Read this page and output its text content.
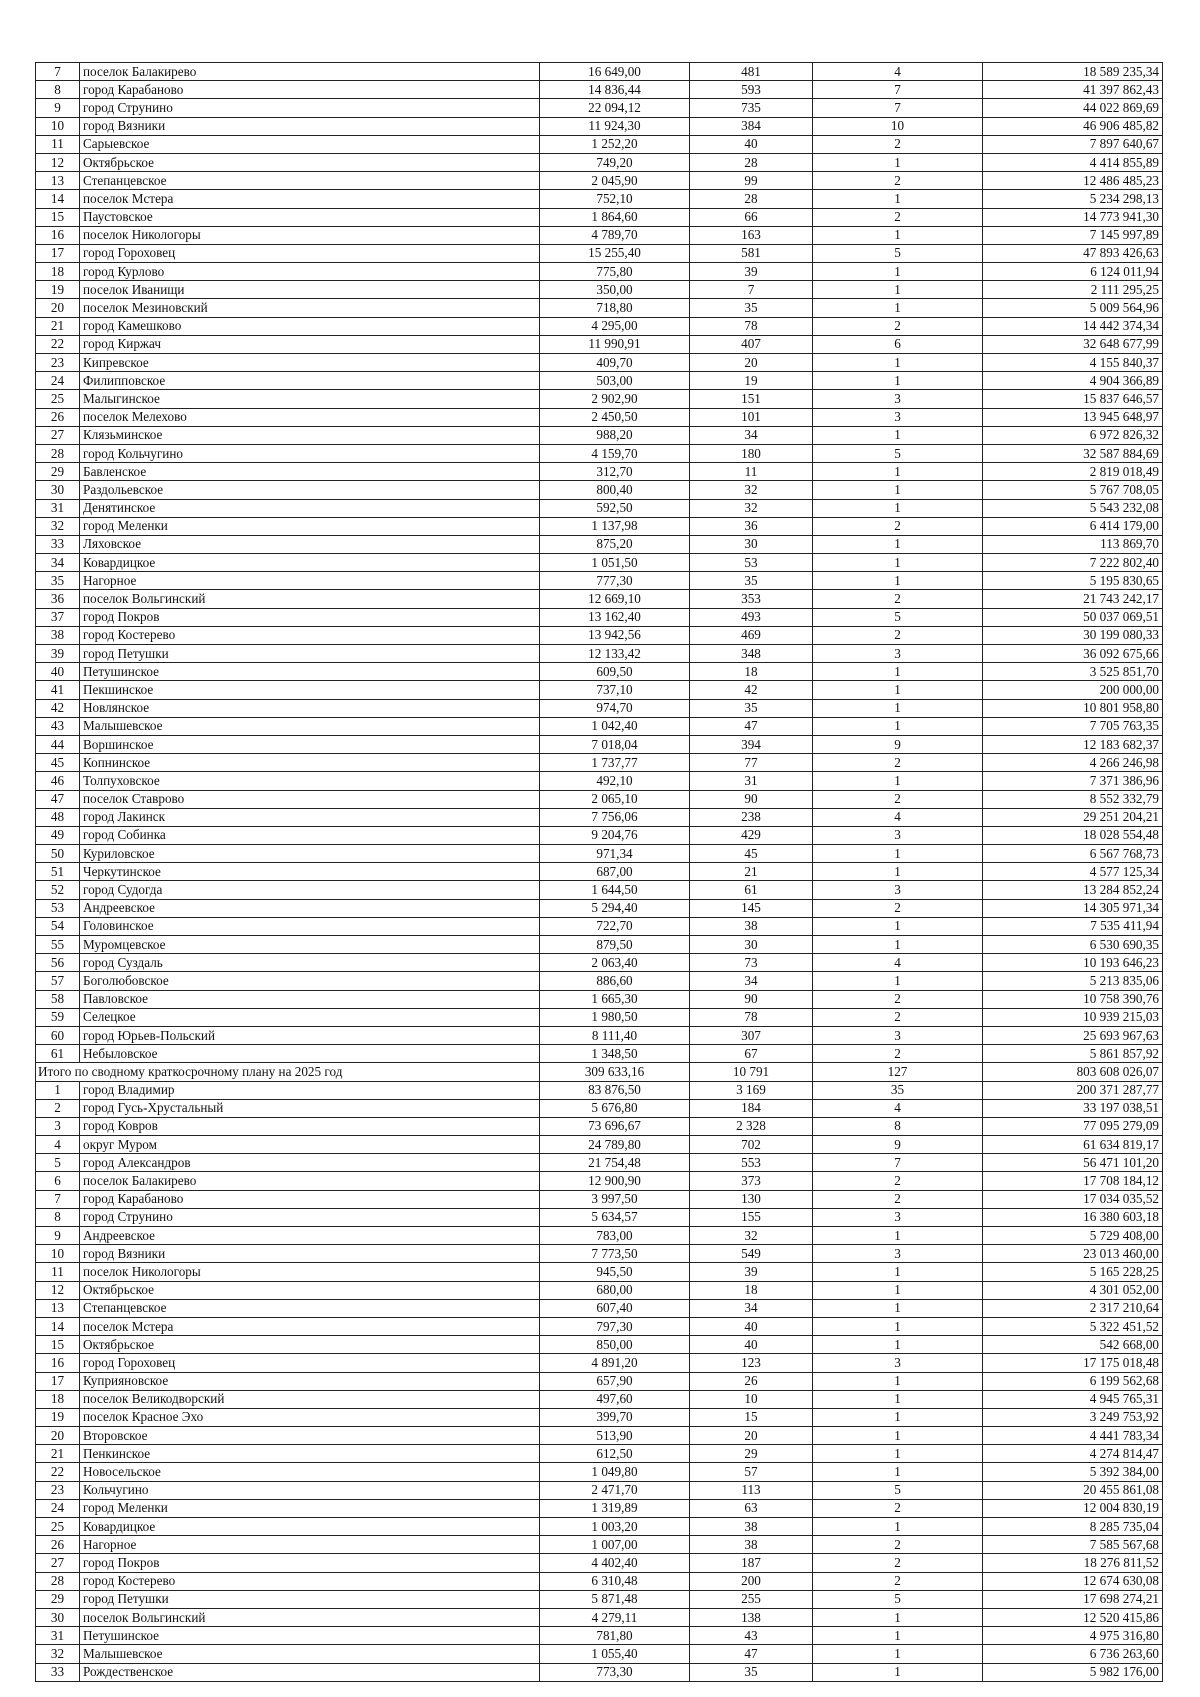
7	поселок Балакирево	16 649,00	481	4	18 589 235,34
8	город Карабаново	14 836,44	593	7	41 397 862,43
9	город Струнино	22 094,12	735	7	44 022 869,69
10	город Вязники	11 924,30	384	10	46 906 485,82
11	Сарыевское	1 252,20	40	2	7 897 640,67
12	Октябрьское	749,20	28	1	4 414 855,89
13	Степанцевское	2 045,90	99	2	12 486 485,23
14	поселок Мстера	752,10	28	1	5 234 298,13
15	Паустовское	1 864,60	66	2	14 773 941,30
16	поселок Никологоры	4 789,70	163	1	7 145 997,89
17	город Гороховец	15 255,40	581	5	47 893 426,63
18	город Курлово	775,80	39	1	6 124 011,94
19	поселок Иванищи	350,00	7	1	2 111 295,25
20	поселок Мезиновский	718,80	35	1	5 009 564,96
21	город Камешково	4 295,00	78	2	14 442 374,34
22	город Киржач	11 990,91	407	6	32 648 677,99
23	Кипревское	409,70	20	1	4 155 840,37
24	Филипповское	503,00	19	1	4 904 366,89
25	Малыгинское	2 902,90	151	3	15 837 646,57
26	поселок Мелехово	2 450,50	101	3	13 945 648,97
27	Клязьминское	988,20	34	1	6 972 826,32
28	город Кольчугино	4 159,70	180	5	32 587 884,69
29	Бавленское	312,70	11	1	2 819 018,49
30	Раздольевское	800,40	32	1	5 767 708,05
31	Денятинское	592,50	32	1	5 543 232,08
32	город Меленки	1 137,98	36	2	6 414 179,00
33	Ляховское	875,20	30	1	113 869,70
34	Ковардицкое	1 051,50	53	1	7 222 802,40
35	Нагорное	777,30	35	1	5 195 830,65
36	поселок Вольгинский	12 669,10	353	2	21 743 242,17
37	город Покров	13 162,40	493	5	50 037 069,51
38	город Костерево	13 942,56	469	2	30 199 080,33
39	город Петушки	12 133,42	348	3	36 092 675,66
40	Петушинское	609,50	18	1	3 525 851,70
41	Пекшинское	737,10	42	1	200 000,00
42	Новлянское	974,70	35	1	10 801 958,80
43	Малышевское	1 042,40	47	1	7 705 763,35
44	Воршинское	7 018,04	394	9	12 183 682,37
45	Копнинское	1 737,77	77	2	4 266 246,98
46	Толпуховское	492,10	31	1	7 371 386,96
47	поселок Ставрово	2 065,10	90	2	8 552 332,79
48	город Лакинск	7 756,06	238	4	29 251 204,21
49	город Собинка	9 204,76	429	3	18 028 554,48
50	Куриловское	971,34	45	1	6 567 768,73
51	Черкутинское	687,00	21	1	4 577 125,34
52	город Судогда	1 644,50	61	3	13 284 852,24
53	Андреевское	5 294,40	145	2	14 305 971,34
54	Головинское	722,70	38	1	7 535 411,94
55	Муромцевское	879,50	30	1	6 530 690,35
56	город Суздаль	2 063,40	73	4	10 193 646,23
57	Боголюбовское	886,60	34	1	5 213 835,06
58	Павловское	1 665,30	90	2	10 758 390,76
59	Селецкое	1 980,50	78	2	10 939 215,03
60	город Юрьев-Польский	8 111,40	307	3	25 693 967,63
61	Небыловское	1 348,50	67	2	5 861 857,92
Итого по сводному краткосрочному плану на 2025 год		309 633,16	10 791	127	803 608 026,07
1	город Владимир	83 876,50	3 169	35	200 371 287,77
2	город Гусь-Хрустальный	5 676,80	184	4	33 197 038,51
3	город Ковров	73 696,67	2 328	8	77 095 279,09
4	округ Муром	24 789,80	702	9	61 634 819,17
5	город Александров	21 754,48	553	7	56 471 101,20
6	поселок Балакирево	12 900,90	373	2	17 708 184,12
7	город Карабаново	3 997,50	130	2	17 034 035,52
8	город Струнино	5 634,57	155	3	16 380 603,18
9	Андреевское	783,00	32	1	5 729 408,00
10	город Вязники	7 773,50	549	3	23 013 460,00
11	поселок Никологоры	945,50	39	1	5 165 228,25
12	Октябрьское	680,00	18	1	4 301 052,00
13	Степанцевское	607,40	34	1	2 317 210,64
14	поселок Мстера	797,30	40	1	5 322 451,52
15	Октябрьское	850,00	40	1	542 668,00
16	город Гороховец	4 891,20	123	3	17 175 018,48
17	Куприяновское	657,90	26	1	6 199 562,68
18	поселок Великодворский	497,60	10	1	4 945 765,31
19	поселок Красное Эхо	399,70	15	1	3 249 753,92
20	Второвское	513,90	20	1	4 441 783,34
21	Пенкинское	612,50	29	1	4 274 814,47
22	Новосельское	1 049,80	57	1	5 392 384,00
23	Кольчугино	2 471,70	113	5	20 455 861,08
24	город Меленки	1 319,89	63	2	12 004 830,19
25	Ковардицкое	1 003,20	38	1	8 285 735,04
26	Нагорное	1 007,00	38	2	7 585 567,68
27	город Покров	4 402,40	187	2	18 276 811,52
28	город Костерево	6 310,48	200	2	12 674 630,08
29	город Петушки	5 871,48	255	5	17 698 274,21
30	поселок Вольгинский	4 279,11	138	1	12 520 415,86
31	Петушинское	781,80	43	1	4 975 316,80
32	Малышевское	1 055,40	47	1	6 736 263,60
33	Рождественское	773,30	35	1	5 982 176,00
